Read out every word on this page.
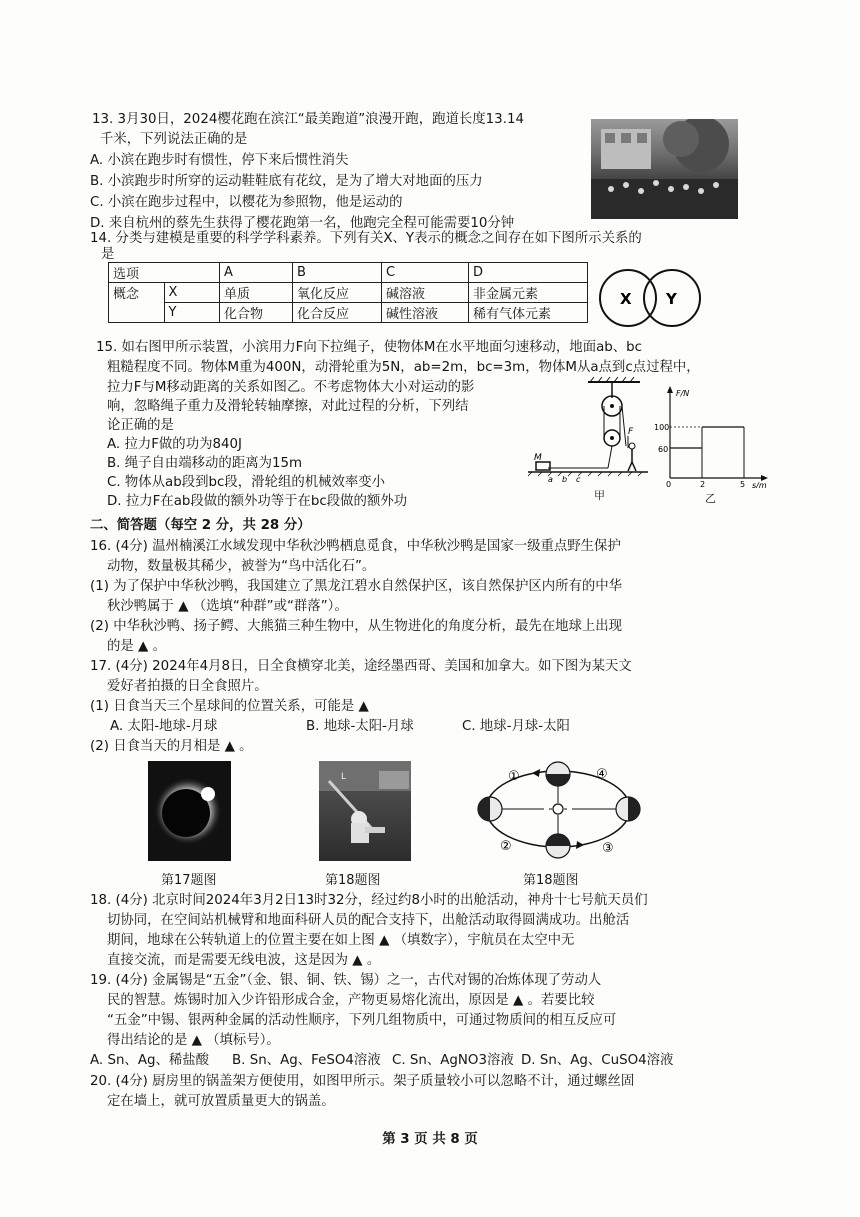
13. 3月30日，2024樱花跑在滨江“最美跑道”浪漫开跑，跑道长度13.14
千米，下列说法正确的是
A. 小滨在跑步时有惯性，停下来后惯性消失
B. 小滨跑步时所穿的运动鞋鞋底有花纹，是为了增大对地面的压力
C. 小滨在跑步过程中，以樱花为参照物，他是运动的
D. 来自杭州的蔡先生获得了樱花跑第一名，他跑完全程可能需要10分钟
14. 分类与建模是重要的科学学科素养。下列有关X、Y表示的概念之间存在如下图所示关系的
是
15. 如右图甲所示装置，小滨用力F向下拉绳子，使物体M在水平地面匀速移动，地面ab、bc
粗糙程度不同。物体M重为400N，动滑轮重为5N，ab=2m，bc=3m，物体M从a点到c点过程中，
拉力F与M移动距离的关系如图乙。不考虑物体大小对运动的影
响，忽略绳子重力及滑轮转轴摩擦，对此过程的分析，下列结
论正确的是
A. 拉力F做的功为840J
B. 绳子自由端移动的距离为15m
C. 物体从ab段到bc段，滑轮组的机械效率变小
D. 拉力F在ab段做的额外功等于在bc段做的额外功
二、简答题（每空 2 分，共 28 分）
16. (4分) 温州楠溪江水域发现中华秋沙鸭栖息觅食，中华秋沙鸭是国家一级重点野生保护
动物，数量极其稀少，被誉为“鸟中活化石”。
(1) 为了保护中华秋沙鸭，我国建立了黑龙江碧水自然保护区，该自然保护区内所有的中华
秋沙鸭属于 ▲ （选填“种群”或“群落”）。
(2) 中华秋沙鸭、扬子鳄、大熊猫三种生物中，从生物进化的角度分析，最先在地球上出现
的是 ▲ 。
17. (4分) 2024年4月8日，日全食横穿北美，途经墨西哥、美国和加拿大。如下图为某天文
爱好者拍摄的日全食照片。
(1) 日食当天三个星球间的位置关系，可能是 ▲
A. 太阳-地球-月球	B. 地球-太阳-月球	C. 地球-月球-太阳
(2) 日食当天的月相是 ▲ 。
18. (4分) 北京时间2024年3月2日13时32分，经过约8小时的出舱活动，神舟十七号航天员们
切协同，在空间站机械臂和地面科研人员的配合支持下，出舱活动取得圆满成功。出舱活
期间，地球在公转轨道上的位置主要在如上图 ▲ （填数字），宇航员在太空中无
直接交流，而是需要无线电波，这是因为 ▲ 。
19. (4分) 金属锡是“五金”（金、银、铜、铁、锡）之一，古代对锡的冶炼体现了劳动人
民的智慧。炼锡时加入少许铅形成合金，产物更易熔化流出，原因是 ▲ 。若要比较
“五金”中锡、银两种金属的活动性顺序，下列几组物质中，可通过物质间的相互反应可
得出结论的是 ▲ （填标号）。
A. Sn、Ag、稀盐酸 B. Sn、Ag、FeSO4溶液 C. Sn、AgNO3溶液 D. Sn、Ag、CuSO4溶液
20. (4分) 厨房里的锅盖架方便使用，如图甲所示。架子质量较小可以忽略不计，通过螺丝固
定在墙上，就可放置质量更大的锅盖。
选项		A	B	C	D
概念	X	单质	氧化反应	碱溶液	非金属元素
	Y	化合物	化合反应	碱性溶液	稀有气体元素
X Y
M
F
a b c
甲
F/N
s/m
100
60
0	2	5
乙
第17题图
L
第18题图
①
②	③
④
第18题图
第 3 页 共 8 页
